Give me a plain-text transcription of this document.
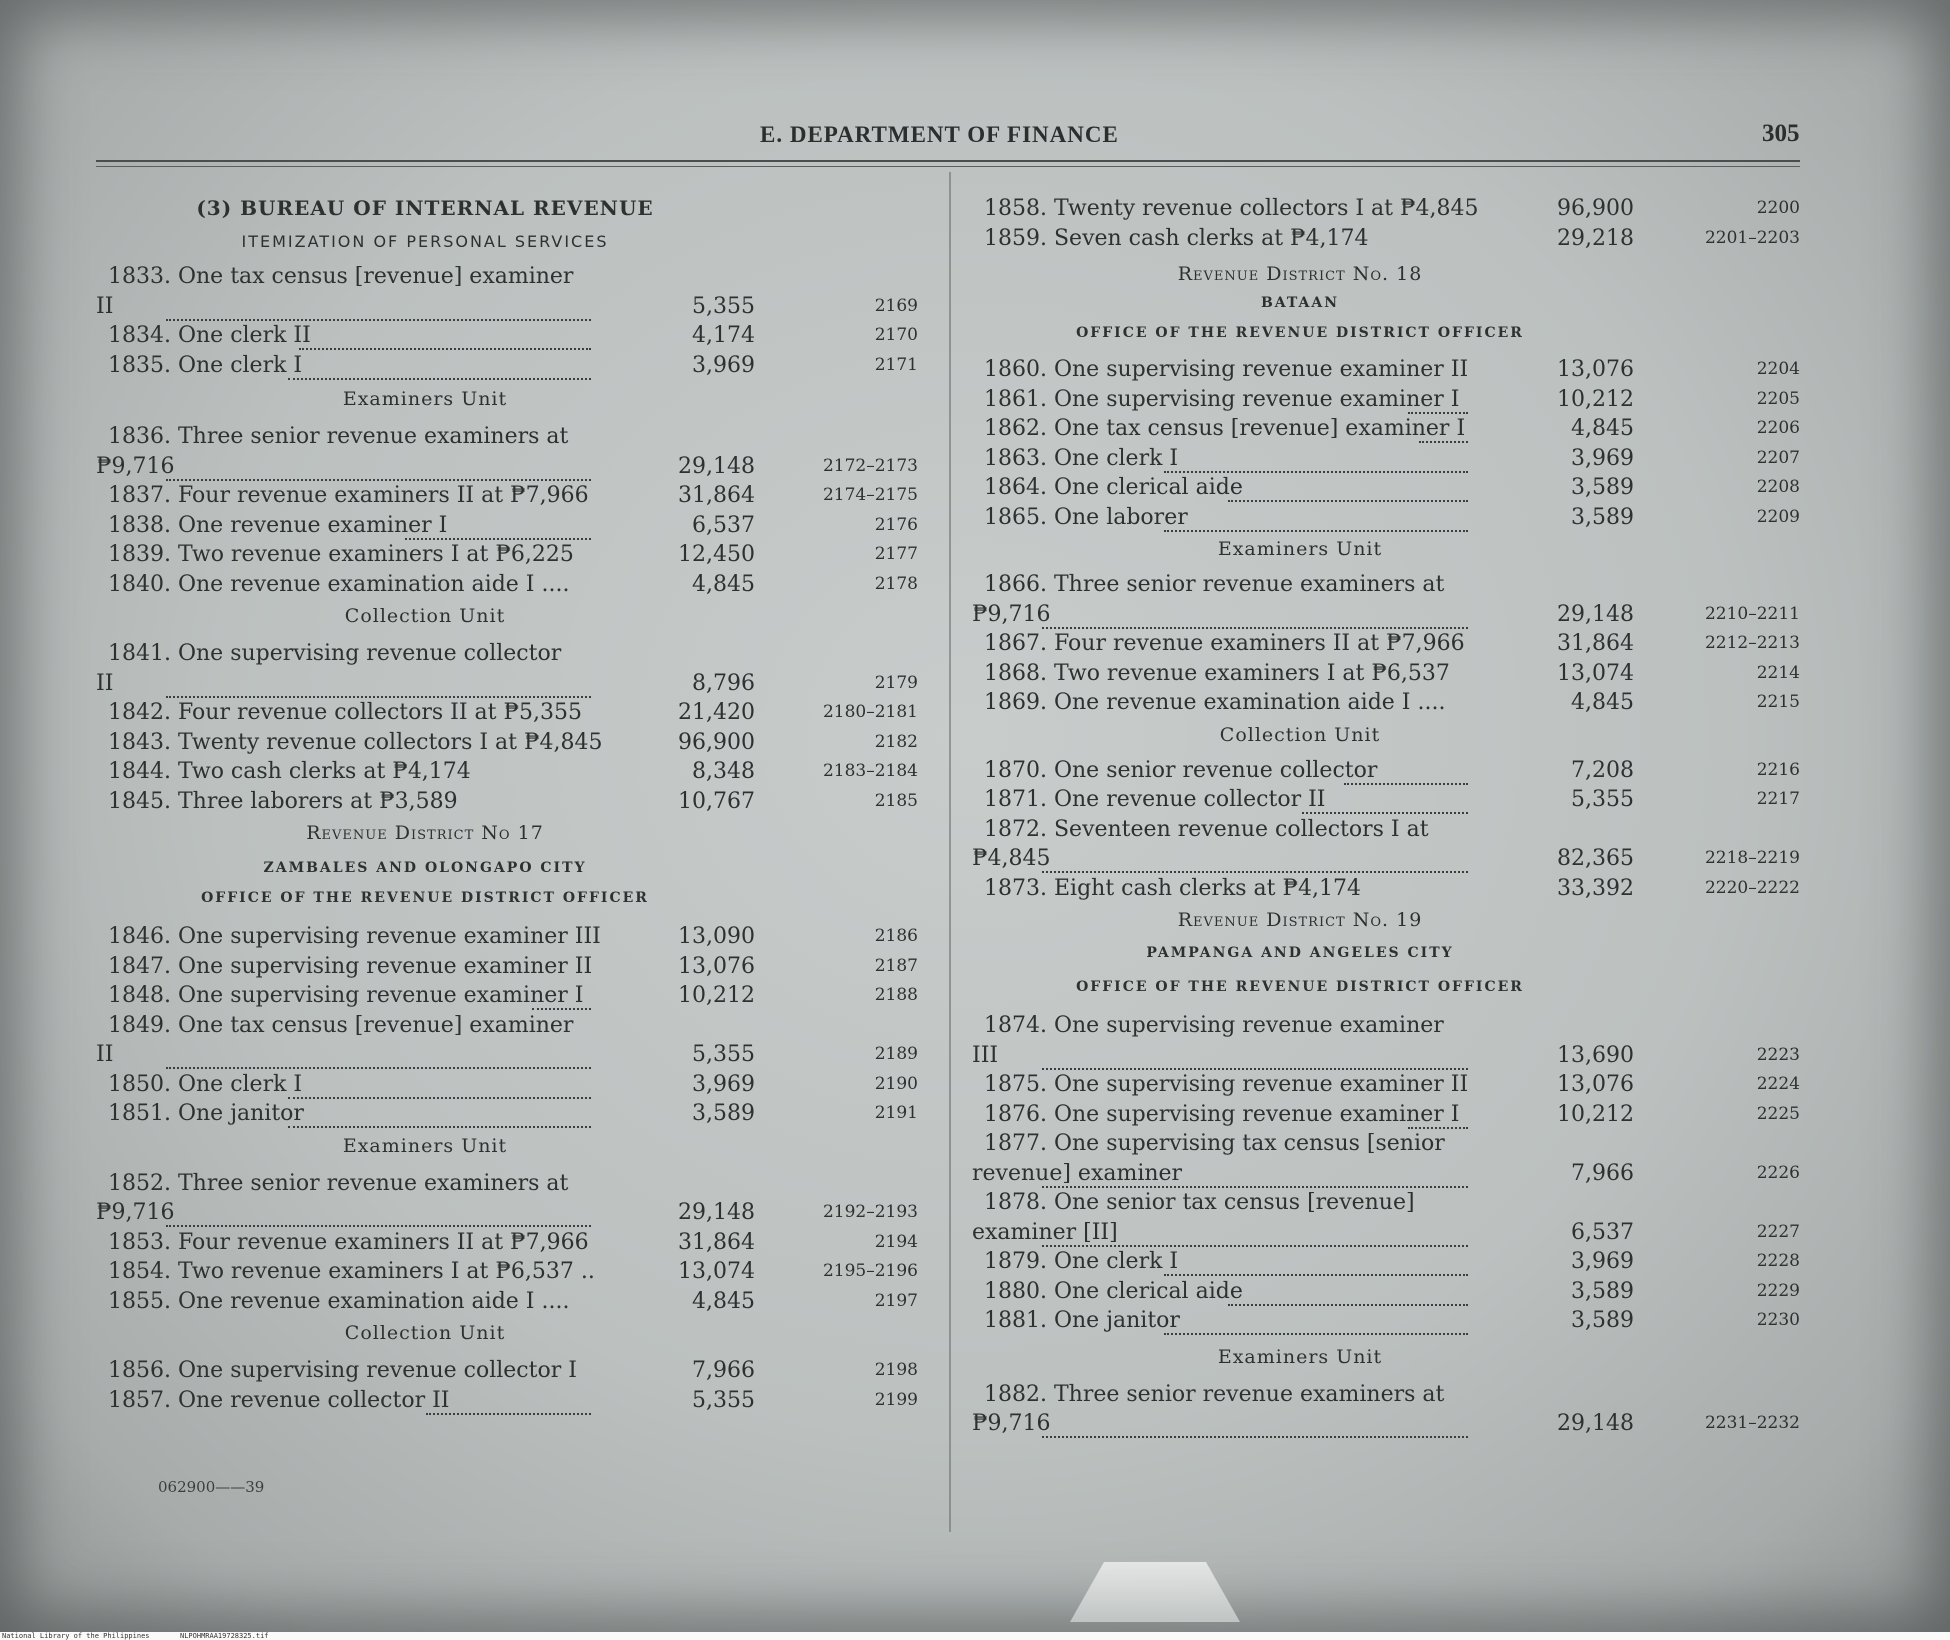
E. DEPARTMENT OF FINANCE	305
(3) BUREAU OF INTERNAL REVENUE
ITEMIZATION OF PERSONAL SERVICES
1833. One tax census [revenue] examiner
II	5,355	2169
1834. One clerk II	4,174	2170
1835. One clerk I	3,969	2171
Examiners Unit
1836. Three senior revenue examiners at
₱9,716	29,148	2172–2173
1837. Four revenue examiners II at ₱7,966	31,864	2174–2175
1838. One revenue examiner I	6,537	2176
1839. Two revenue examiners I at ₱6,225	12,450	2177
1840. One revenue examination aide I ....	4,845	2178
Collection Unit
1841. One supervising revenue collector
II	8,796	2179
1842. Four revenue collectors II at ₱5,355	21,420	2180–2181
1843. Twenty revenue collectors I at ₱4,845	96,900	2182
1844. Two cash clerks at ₱4,174	8,348	2183–2184
1845. Three laborers at ₱3,589	10,767	2185
Revenue District No 17
ZAMBALES AND OLONGAPO CITY
OFFICE OF THE REVENUE DISTRICT OFFICER
1846. One supervising revenue examiner III	13,090	2186
1847. One supervising revenue examiner II	13,076	2187
1848. One supervising revenue examiner I	10,212	2188
1849. One tax census [revenue] examiner
II	5,355	2189
1850. One clerk I	3,969	2190
1851. One janitor	3,589	2191
Examiners Unit
1852. Three senior revenue examiners at
₱9,716	29,148	2192–2193
1853. Four revenue examiners II at ₱7,966	31,864	2194
1854. Two revenue examiners I at ₱6,537 ..	13,074	2195–2196
1855. One revenue examination aide I ....	4,845	2197
Collection Unit
1856. One supervising revenue collector I	7,966	2198
1857. One revenue collector II	5,355	2199
1858. Twenty revenue collectors I at ₱4,845	96,900	2200
1859. Seven cash clerks at ₱4,174	29,218	2201–2203
Revenue District No. 18
BATAAN
OFFICE OF THE REVENUE DISTRICT OFFICER
1860. One supervising revenue examiner II	13,076	2204
1861. One supervising revenue examiner I	10,212	2205
1862. One tax census [revenue] examiner I	4,845	2206
1863. One clerk I	3,969	2207
1864. One clerical aide	3,589	2208
1865. One laborer	3,589	2209
Examiners Unit
1866. Three senior revenue examiners at
₱9,716	29,148	2210–2211
1867. Four revenue examiners II at ₱7,966	31,864	2212–2213
1868. Two revenue examiners I at ₱6,537	13,074	2214
1869. One revenue examination aide I ....	4,845	2215
Collection Unit
1870. One senior revenue collector	7,208	2216
1871. One revenue collector II	5,355	2217
1872. Seventeen revenue collectors I at
₱4,845	82,365	2218–2219
1873. Eight cash clerks at ₱4,174	33,392	2220–2222
Revenue District No. 19
PAMPANGA AND ANGELES CITY
OFFICE OF THE REVENUE DISTRICT OFFICER
1874. One supervising revenue examiner
III	13,690	2223
1875. One supervising revenue examiner II	13,076	2224
1876. One supervising revenue examiner I	10,212	2225
1877. One supervising tax census [senior
revenue] examiner	7,966	2226
1878. One senior tax census [revenue]
examiner [II]	6,537	2227
1879. One clerk I	3,969	2228
1880. One clerical aide	3,589	2229
1881. One janitor	3,589	2230
Examiners Unit
1882. Three senior revenue examiners at
₱9,716	29,148	2231–2232
062900——39
National Library of the Philippines	NLPOHMRAA19728325.tif
